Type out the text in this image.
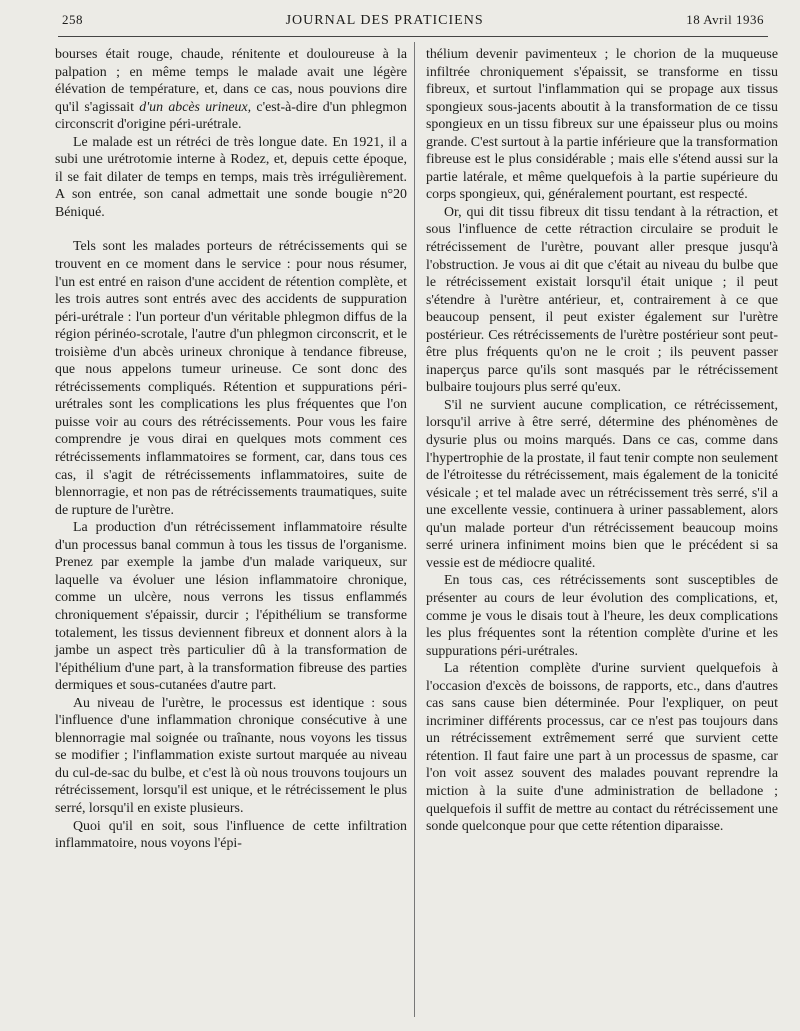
258	JOURNAL DES PRATICIENS	18 Avril 1936

bourses était rouge, chaude, rénitente et douloureuse à la palpation ; en même temps le malade avait une légère élévation de température, et, dans ce cas, nous pouvions dire qu'il s'agissait d'un abcès urineux, c'est-à-dire d'un phlegmon circonscrit d'origine péri-urétrale.

Le malade est un rétréci de très longue date. En 1921, il a subi une urétrotomie interne à Rodez, et, depuis cette époque, il se fait dilater de temps en temps, mais très irrégulièrement. A son entrée, son canal admettait une sonde bougie n°20 Béniqué.

Tels sont les malades porteurs de rétrécissements qui se trouvent en ce moment dans le service : pour nous résumer, l'un est entré en raison d'une accident de rétention complète, et les trois autres sont entrés avec des accidents de suppuration péri-urétrale : l'un porteur d'un véritable phlegmon diffus de la région périnéo-scrotale, l'autre d'un phlegmon circonscrit, et le troisième d'un abcès urineux chronique à tendance fibreuse, que nous appelons tumeur urineuse. Ce sont donc des rétrécissements compliqués. Rétention et suppurations péri-urétrales sont les complications les plus fréquentes que l'on puisse voir au cours des rétrécissements. Pour vous les faire comprendre je vous dirai en quelques mots comment ces rétrécissements inflammatoires se forment, car, dans tous ces cas, il s'agit de rétrécissements inflammatoires, suite de blennorragie, et non pas de rétrécissements traumatiques, suite de rupture de l'urètre.

La production d'un rétrécissement inflammatoire résulte d'un processus banal commun à tous les tissus de l'organisme. Prenez par exemple la jambe d'un malade variqueux, sur laquelle va évoluer une lésion inflammatoire chronique, comme un ulcère, nous verrons les tissus enflammés chroniquement s'épaissir, durcir ; l'épithélium se transforme totalement, les tissus deviennent fibreux et donnent alors à la jambe un aspect très particulier dû à la transformation de l'épithélium d'une part, à la transformation fibreuse des parties dermiques et sous-cutanées d'autre part.

Au niveau de l'urètre, le processus est identique : sous l'influence d'une inflammation chronique consécutive à une blennorragie mal soignée ou traînante, nous voyons les tissus se modifier ; l'inflammation existe surtout marquée au niveau du cul-de-sac du bulbe, et c'est là où nous trouvons toujours un rétrécissement, lorsqu'il est unique, et le rétrécissement le plus serré, lorsqu'il en existe plusieurs.

Quoi qu'il en soit, sous l'influence de cette infiltration inflammatoire, nous voyons l'épi-

thélium devenir pavimenteux ; le chorion de la muqueuse infiltrée chroniquement s'épaissit, se transforme en tissu fibreux, et surtout l'inflammation qui se propage aux tissus spongieux sous-jacents aboutit à la transformation de ce tissu spongieux en un tissu fibreux sur une épaisseur plus ou moins grande. C'est surtout à la partie inférieure que la transformation fibreuse est le plus considérable ; mais elle s'étend aussi sur la partie latérale, et même quelquefois à la partie supérieure du corps spongieux, qui, généralement pourtant, est respecté.

Or, qui dit tissu fibreux dit tissu tendant à la rétraction, et sous l'influence de cette rétraction circulaire se produit le rétrécissement de l'urètre, pouvant aller presque jusqu'à l'obstruction. Je vous ai dit que c'était au niveau du bulbe que le rétrécissement existait lorsqu'il était unique ; il peut s'étendre à l'urètre antérieur, et, contrairement à ce que beaucoup pensent, il peut exister également sur l'urètre postérieur. Ces rétrécissements de l'urètre postérieur sont peut-être plus fréquents qu'on ne le croit ; ils peuvent passer inaperçus parce qu'ils sont masqués par le rétrécissement bulbaire toujours plus serré qu'eux.

S'il ne survient aucune complication, ce rétrécissement, lorsqu'il arrive à être serré, détermine des phénomènes de dysurie plus ou moins marqués. Dans ce cas, comme dans l'hypertrophie de la prostate, il faut tenir compte non seulement de l'étroitesse du rétrécissement, mais également de la tonicité vésicale ; et tel malade avec un rétrécissement très serré, s'il a une excellente vessie, continuera à uriner passablement, alors qu'un malade porteur d'un rétrécissement beaucoup moins serré urinera infiniment moins bien que le précédent si sa vessie est de médiocre qualité.

En tous cas, ces rétrécissements sont susceptibles de présenter au cours de leur évolution des complications, et, comme je vous le disais tout à l'heure, les deux complications les plus fréquentes sont la rétention complète d'urine et les suppurations péri-urétrales.

La rétention complète d'urine survient quelquefois à l'occasion d'excès de boissons, de rapports, etc., dans d'autres cas sans cause bien déterminée. Pour l'expliquer, on peut incriminer différents processus, car ce n'est pas toujours dans un rétrécissement extrêmement serré que survient cette rétention. Il faut faire une part à un processus de spasme, car l'on voit assez souvent des malades pouvant reprendre la miction à la suite d'une administration de belladone ; quelquefois il suffit de mettre au contact du rétrécissement une sonde quelconque pour que cette rétention diparaisse.
